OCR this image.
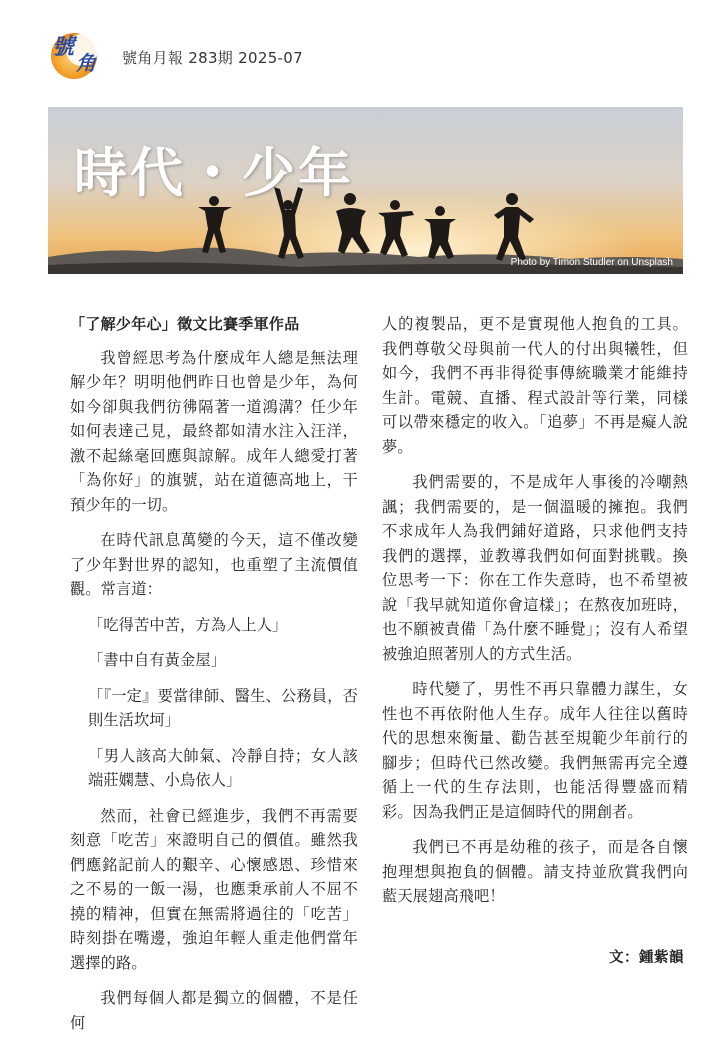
號
角 號角月報 283期 2025-07
時代・少年
Photo by Timon Studler on Unsplash
「了解少年心」徵文比賽季軍作品

我曾經思考為什麼成年人總是無法理解少年？明明他們昨日也曾是少年，為何如今卻與我們彷彿隔著一道鴻溝？任少年如何表達己見，最終都如清水注入汪洋，激不起絲毫回應與諒解。成年人總愛打著「為你好」的旗號，站在道德高地上，干預少年的一切。

在時代訊息萬變的今天，這不僅改變了少年對世界的認知，也重塑了主流價值觀。常言道：

「吃得苦中苦，方為人上人」

「書中自有黃金屋」

「『一定』要當律師、醫生、公務員，否則生活坎坷」

「男人該高大帥氣、冷靜自持；女人該端莊嫻慧、小鳥依人」

然而，社會已經進步，我們不再需要刻意「吃苦」來證明自己的價值。雖然我們應銘記前人的艱辛、心懷感恩、珍惜來之不易的一飯一湯，也應秉承前人不屈不撓的精神，但實在無需將過往的「吃苦」時刻掛在嘴邊，強迫年輕人重走他們當年選擇的路。

我們每個人都是獨立的個體，不是任何

人的複製品，更不是實現他人抱負的工具。我們尊敬父母與前一代人的付出與犧牲，但如今，我們不再非得從事傳統職業才能維持生計。電競、直播、程式設計等行業，同樣可以帶來穩定的收入。「追夢」不再是癡人說夢。

我們需要的，不是成年人事後的冷嘲熱諷；我們需要的，是一個溫暖的擁抱。我們不求成年人為我們鋪好道路，只求他們支持我們的選擇，並教導我們如何面對挑戰。換位思考一下：你在工作失意時，也不希望被說「我早就知道你會這樣」；在熬夜加班時，也不願被責備「為什麼不睡覺」；沒有人希望被強迫照著別人的方式生活。

時代變了，男性不再只靠體力謀生，女性也不再依附他人生存。成年人往往以舊時代的思想來衡量、勸告甚至規範少年前行的腳步；但時代已然改變。我們無需再完全遵循上一代的生存法則，也能活得豐盛而精彩。因為我們正是這個時代的開創者。

我們已不再是幼稚的孩子，而是各自懷抱理想與抱負的個體。請支持並欣賞我們向藍天展翅高飛吧！

文：鍾紫韻
